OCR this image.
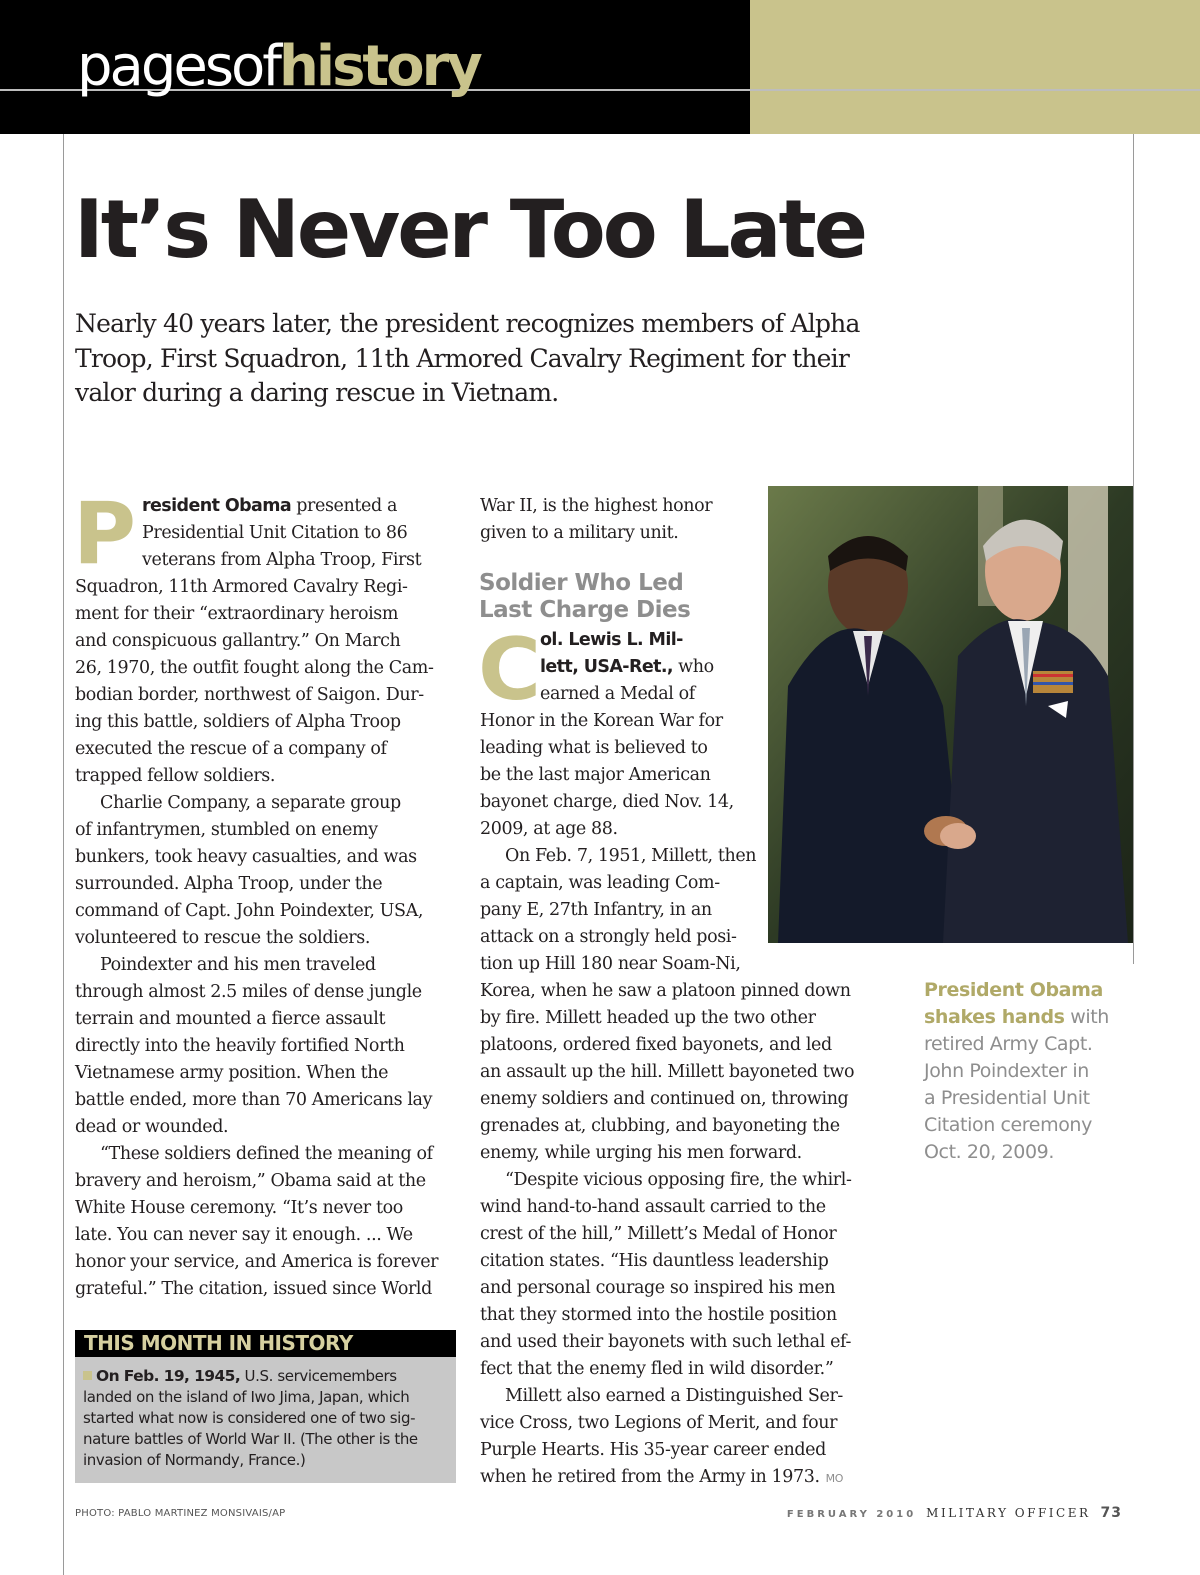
pagesofhistory
It’s Never Too Late

Nearly 40 years later, the president recognizes members of Alpha Troop, First Squadron, 11th Armored Cavalry Regiment for their valor during a daring rescue in Vietnam.

P resident Obama presented a
Presidential Unit Citation to 86
veterans from Alpha Troop, First
Squadron, 11th Armored Cavalry Regi-
ment for their “extraordinary heroism
and conspicuous gallantry.” On March
26, 1970, the outfit fought along the Cam-
bodian border, northwest of Saigon. Dur-
ing this battle, soldiers of Alpha Troop
executed the rescue of a company of
trapped fellow soldiers.
Charlie Company, a separate group
of infantrymen, stumbled on enemy
bunkers, took heavy casualties, and was
surrounded. Alpha Troop, under the
command of Capt. John Poindexter, USA,
volunteered to rescue the soldiers.
Poindexter and his men traveled
through almost 2.5 miles of dense jungle
terrain and mounted a fierce assault
directly into the heavily fortified North
Vietnamese army position. When the
battle ended, more than 70 Americans lay
dead or wounded.
“These soldiers defined the meaning of
bravery and heroism,” Obama said at the
White House ceremony. “It’s never too
late. You can never say it enough. ... We
honor your service, and America is forever
grateful.” The citation, issued since World
THIS MONTH IN HISTORY
On Feb. 19, 1945, U.S. servicemembers
landed on the island of Iwo Jima, Japan, which
started what now is considered one of two sig-
nature battles of World War II. (The other is the
invasion of Normandy, France.)
War II, is the highest honor
given to a military unit.
Soldier Who Led
Last Charge Dies
C
ol. Lewis L. Mil-
lett, USA-Ret., who
earned a Medal of
Honor in the Korean War for
leading what is believed to
be the last major American
bayonet charge, died Nov. 14,
2009, at age 88.
On Feb. 7, 1951, Millett, then
a captain, was leading Com-
pany E, 27th Infantry, in an
attack on a strongly held posi-
tion up Hill 180 near Soam-Ni,
Korea, when he saw a platoon pinned down
by fire. Millett headed up the two other
platoons, ordered fixed bayonets, and led
an assault up the hill. Millett bayoneted two
enemy soldiers and continued on, throwing
grenades at, clubbing, and bayoneting the
enemy, while urging his men forward.
“Despite vicious opposing fire, the whirl-
wind hand-to-hand assault carried to the
crest of the hill,” Millett’s Medal of Honor
citation states. “His dauntless leadership
and personal courage so inspired his men
that they stormed into the hostile position
and used their bayonets with such lethal ef-
fect that the enemy fled in wild disorder.”
Millett also earned a Distinguished Ser-
vice Cross, two Legions of Merit, and four
Purple Hearts. His 35-year career ended
when he retired from the Army in 1973. MO
President Obama
shakes hands with
retired Army Capt.
John Poindexter in
a Presidential Unit
Citation ceremony
Oct. 20, 2009.
PHOTO: PABLO MARTINEZ MONSIVAIS/AP	FEBRUARY 2010 MILITARY OFFICER 73
